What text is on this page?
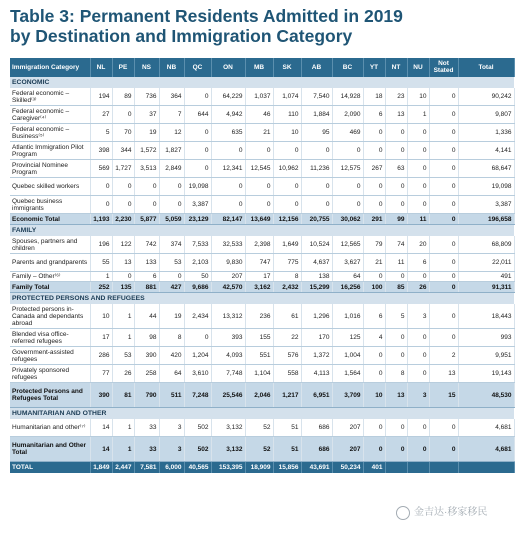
Table 3: Permanent Residents Admitted in 2019
by Destination and Immigration Category
Immigration Category	NL	PE	NS	NB	QC	ON	MB	SK	AB	BC	YT	NT	NU	Not Stated	Total
ECONOMIC															
Federal economic – Skilled⁽³⁾	194	89	736	364	0	64,229	1,037	1,074	7,540	14,928	18	23	10	0	90,242
Federal economic – Caregiver⁽⁴⁾	27	0	37	7	644	4,942	46	110	1,884	2,090	6	13	1	0	9,807
Federal economic – Business⁽⁵⁾	5	70	19	12	0	635	21	10	95	469	0	0	0	0	1,336
Atlantic Immigration Pilot Program	398	344	1,572	1,827	0	0	0	0	0	0	0	0	0	0	4,141
Provincial Nominee Program	569	1,727	3,513	2,849	0	12,341	12,545	10,962	11,236	12,575	267	63	0	0	68,647
Quebec skilled workers	0	0	0	0	19,098	0	0	0	0	0	0	0	0	0	19,098
Quebec business immigrants	0	0	0	0	3,387	0	0	0	0	0	0	0	0	0	3,387
Economic Total	1,193	2,230	5,877	5,059	23,129	82,147	13,649	12,156	20,755	30,062	291	99	11	0	196,658
FAMILY															
Spouses, partners and children	196	122	742	374	7,533	32,533	2,398	1,649	10,524	12,565	79	74	20	0	68,809
Parents and grandparents	55	13	133	53	2,103	9,830	747	775	4,637	3,627	21	11	6	0	22,011
Family – Other⁽⁶⁾	1	0	6	0	50	207	17	8	138	64	0	0	0	0	491
Family Total	252	135	881	427	9,686	42,570	3,162	2,432	15,299	16,256	100	85	26	0	91,311
PROTECTED PERSONS AND REFUGEES															
Protected persons in-Canada and dependants abroad	10	1	44	19	2,434	13,312	236	61	1,296	1,016	6	5	3	0	18,443
Blended visa office-referred refugees	17	1	98	8	0	393	155	22	170	125	4	0	0	0	993
Government-assisted refugees	286	53	390	420	1,204	4,093	551	576	1,372	1,004	0	0	0	2	9,951
Privately sponsored refugees	77	26	258	64	3,610	7,748	1,104	558	4,113	1,564	0	8	0	13	19,143
Protected Persons and Refugees Total	390	81	790	511	7,248	25,546	2,046	1,217	6,951	3,709	10	13	3	15	48,530
HUMANITARIAN AND OTHER															
Humanitarian and other⁽⁷⁾	14	1	33	3	502	3,132	52	51	686	207	0	0	0	0	4,681
Humanitarian and Other Total	14	1	33	3	502	3,132	52	51	686	207	0	0	0	0	4,681
TOTAL	1,849	2,447	7,581	6,000	40,565	153,395	18,909	15,856	43,691	50,234	401				
金吉达·移家移民
